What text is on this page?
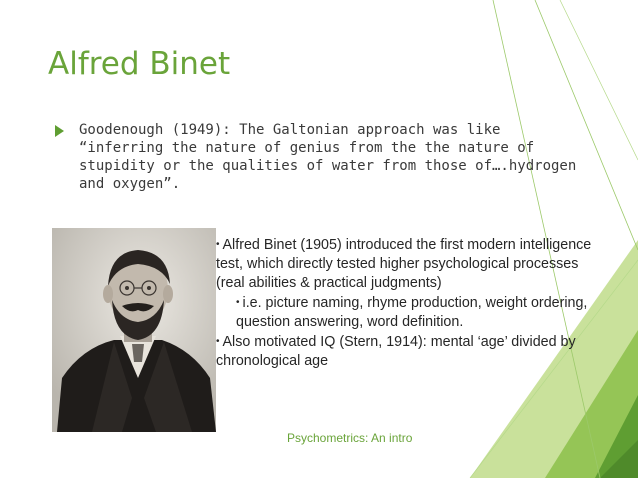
Alfred Binet
Goodenough (1949): The Galtonian approach was like “inferring the nature of genius from the the nature of stupidity or the qualities of water from those of….hydrogen and oxygen”.

• Alfred Binet (1905) introduced the first modern intelligence test, which directly tested higher psychological processes (real abilities & practical judgments)

• i.e. picture naming, rhyme production, weight ordering, question answering, word definition.

• Also motivated IQ (Stern, 1914): mental ‘age’ divided by chronological age

Psychometrics: An intro
